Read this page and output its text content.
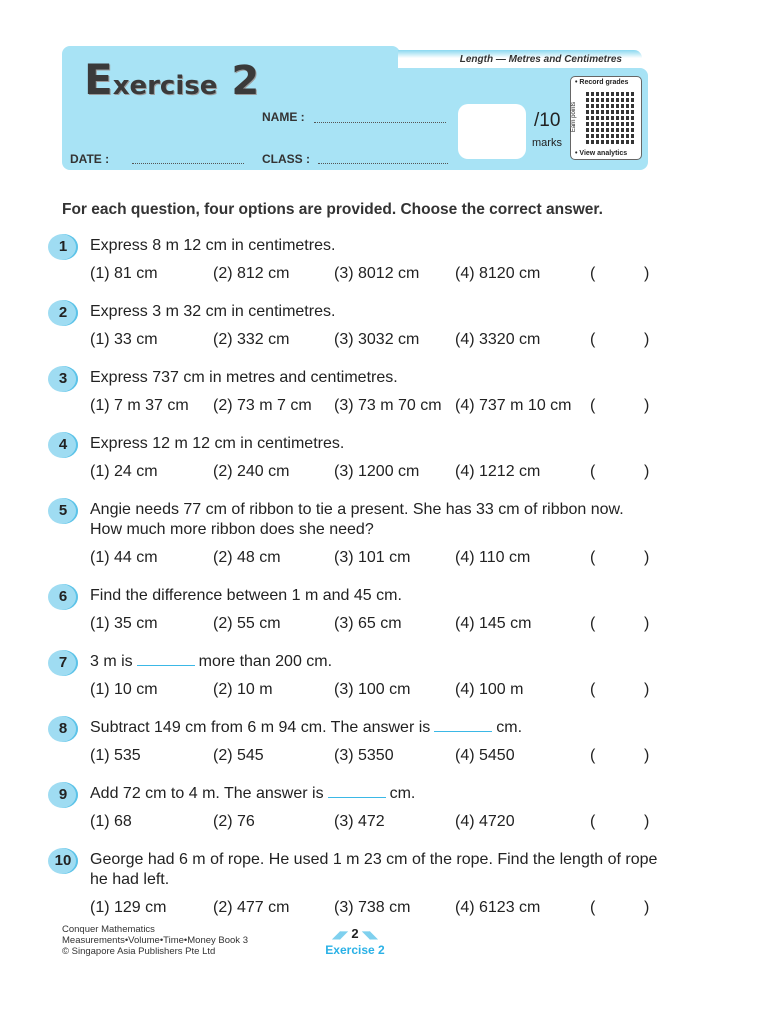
Length — Metres and Centimetres
Exercise 2
NAME :
DATE :	CLASS :
/10
marks
• Record grades
Earn points
• View analytics
For each question, four options are provided. Choose the correct answer.
1	Express 8 m 12 cm in centimetres.
(1) 81 cm	(2) 812 cm	(3) 8012 cm (4) 8120 cm	(	)
2	Express 3 m 32 cm in centimetres.
(1) 33 cm	(2) 332 cm	(3) 3032 cm (4) 3320 cm	(	)
3	Express 737 cm in metres and centimetres.
(1) 7 m 37 cm (2) 73 m 7 cm (3) 73 m 70 cm (4) 737 m 10 cm (	)
4	Express 12 m 12 cm in centimetres.
(1) 24 cm	(2) 240 cm	(3) 1200 cm (4) 1212 cm	(	)
5	Angie needs 77 cm of ribbon to tie a present. She has 33 cm of ribbon now. How much more ribbon does she need?
(1) 44 cm	(2) 48 cm	(3) 101 cm	(4) 110 cm	(	)
6	Find the difference between 1 m and 45 cm.
(1) 35 cm	(2) 55 cm	(3) 65 cm	(4) 145 cm	(	)
7	3 m is	more than 200 cm.
(1) 10 cm	(2) 10 m	(3) 100 cm	(4) 100 m	(	)
8	Subtract 149 cm from 6 m 94 cm. The answer is	cm.
(1) 535	(2) 545	(3) 5350	(4) 5450	(	)
9	Add 72 cm to 4 m. The answer is	cm.
(1) 68	(2) 76	(3) 472	(4) 4720	(	)
10	George had 6 m of rope. He used 1 m 23 cm of the rope. Find the length of rope he had left.
(1) 129 cm	(2) 477 cm	(3) 738 cm	(4) 6123 cm	(	)
Conquer Mathematics
Measurements•Volume•Time•Money Book 3
© Singapore Asia Publishers Pte Ltd
◢◤ 2 ◥◣
Exercise 2
